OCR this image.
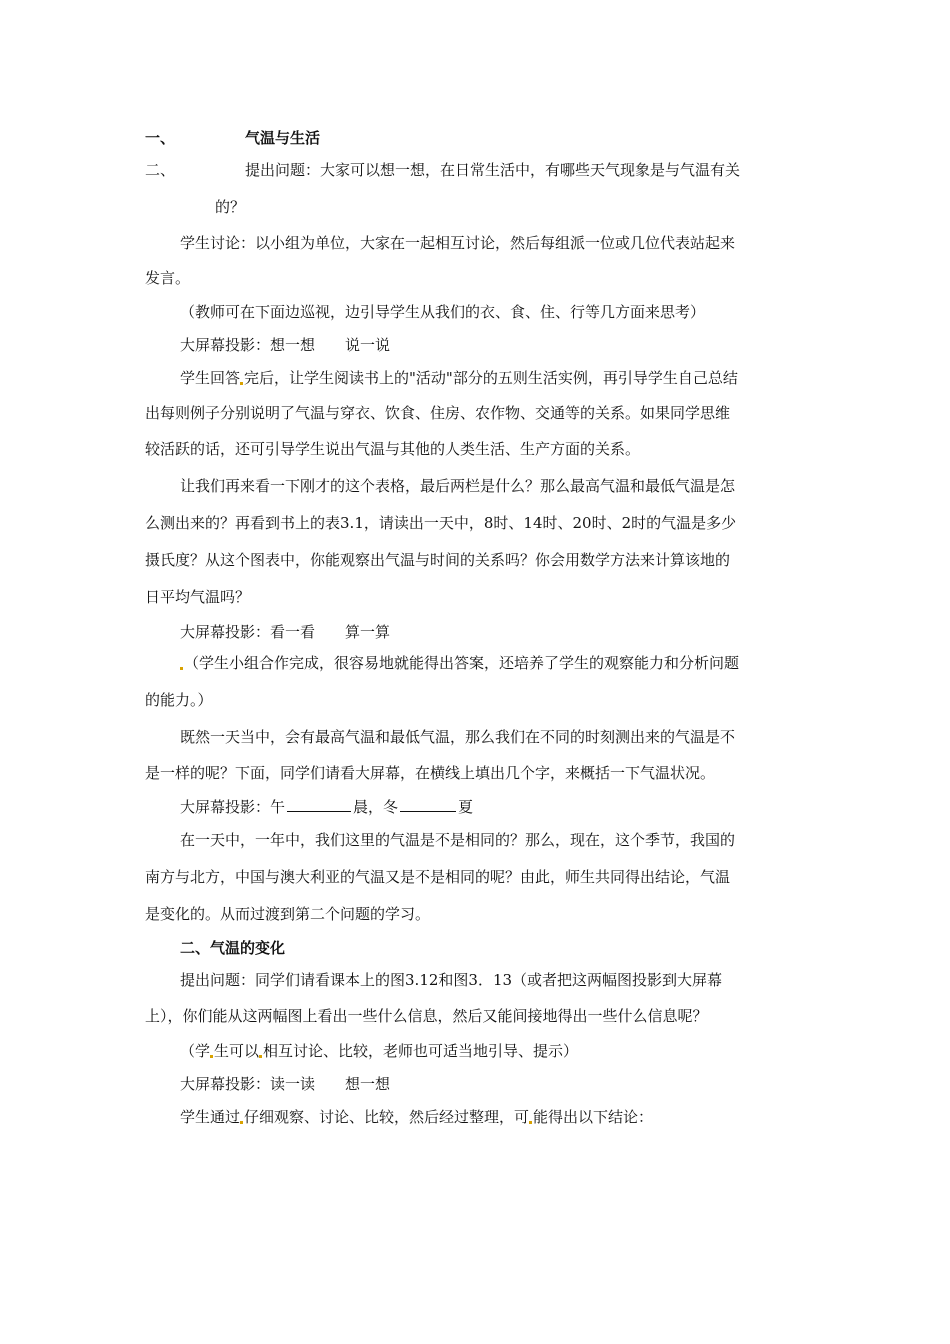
一、	气温与生活
二、	提出问题：大家可以想一想，在日常生活中，有哪些天气现象是与气温有关
的？
学生讨论：以小组为单位，大家在一起相互讨论，然后每组派一位或几位代表站起来
发言。
（教师可在下面边巡视，边引导学生从我们的衣、食、住、行等几方面来思考）
大屏幕投影：想一想 说一说
学生回答 完后，让学生阅读书上的"活动"部分的五则生活实例，再引导学生自己总结
出每则例子分别说明了气温与穿衣、饮食、住房、农作物、交通等的关系。如果同学思维
较活跃的话，还可引导学生说出气温与其他的人类生活、生产方面的关系。
让我们再来看一下刚才的这个表格，最后两栏是什么？那么最高气温和最低气温是怎
么测出来的？再看到书上的表3.1，请读出一天中，8时、14时、20时、2时的气温是多少
摄氏度？从这个图表中，你能观察出气温与时间的关系吗？你会用数学方法来计算该地的
日平均气温吗？
大屏幕投影：看一看 算一算
（学生小组合作完成，很容易地就能得出答案，还培养了学生的观察能力和分析问题
的能力。）
既然一天当中，会有最高气温和最低气温，那么我们在不同的时刻测出来的气温是不
是一样的呢？下面，同学们请看大屏幕，在横线上填出几个字，来概括一下气温状况。
大屏幕投影：午	晨，冬	夏
在一天中，一年中，我们这里的气温是不是相同的？那么，现在，这个季节，我国的
南方与北方，中国与澳大利亚的气温又是不是相同的呢？由此，师生共同得出结论，气温
是变化的。从而过渡到第二个问题的学习。
二、气温的变化
提出问题：同学们请看课本上的图3.12和图3．13（或者把这两幅图投影到大屏幕
上），你们能从这两幅图上看出一些什么信息，然后又能间接地得出一些什么信息呢？
（学 生可以 相互讨论、比较，老师也可适当地引导、提示）
大屏幕投影：读一读 想一想
学生通过 仔细观察、讨论、比较，然后经过整理，可 能得出以下结论：
